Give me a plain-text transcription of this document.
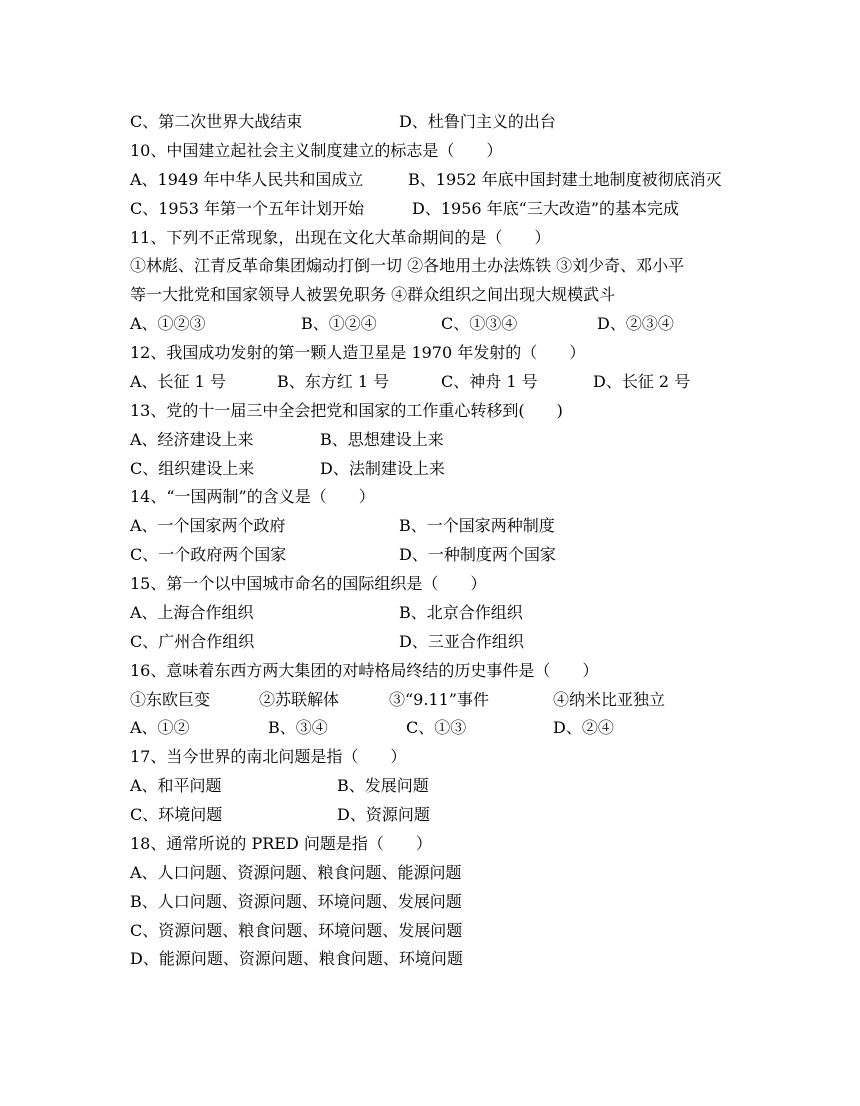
C、第二次世界大战结束	D、杜鲁门主义的出台
10、中国建立起社会主义制度建立的标志是（　　）
A、1949 年中华人民共和国成立	B、1952 年底中国封建土地制度被彻底消灭
C、1953 年第一个五年计划开始	D、1956 年底“三大改造”的基本完成
11、下列不正常现象，出现在文化大革命期间的是（　　）
①林彪、江青反革命集团煽动打倒一切 ②各地用土办法炼铁 ③刘少奇、邓小平
等一大批党和国家领导人被罢免职务 ④群众组织之间出现大规模武斗
A、①②③	B、①②④	C、①③④	D、②③④
12、我国成功发射的第一颗人造卫星是 1970 年发射的（　　）
A、长征 1 号	B、东方红 1 号	C、神舟 1 号	D、长征 2 号
13、党的十一届三中全会把党和国家的工作重心转移到(　　)
A、经济建设上来	B、思想建设上来
C、组织建设上来	D、法制建设上来
14、“一国两制”的含义是（　　）
A、一个国家两个政府	B、一个国家两种制度
C、一个政府两个国家	D、一种制度两个国家
15、第一个以中国城市命名的国际组织是（　　）
A、上海合作组织	B、北京合作组织
C、广州合作组织	D、三亚合作组织
16、意味着东西方两大集团的对峙格局终结的历史事件是（　　）
①东欧巨变	②苏联解体	③“9.11”事件	④纳米比亚独立
A、①②	B、③④	C、①③	D、②④
17、当今世界的南北问题是指（　　）
A、和平问题	B、发展问题
C、环境问题	D、资源问题
18、通常所说的 PRED 问题是指（　　）
A、人口问题、资源问题、粮食问题、能源问题
B、人口问题、资源问题、环境问题、发展问题
C、资源问题、粮食问题、环境问题、发展问题
D、能源问题、资源问题、粮食问题、环境问题
